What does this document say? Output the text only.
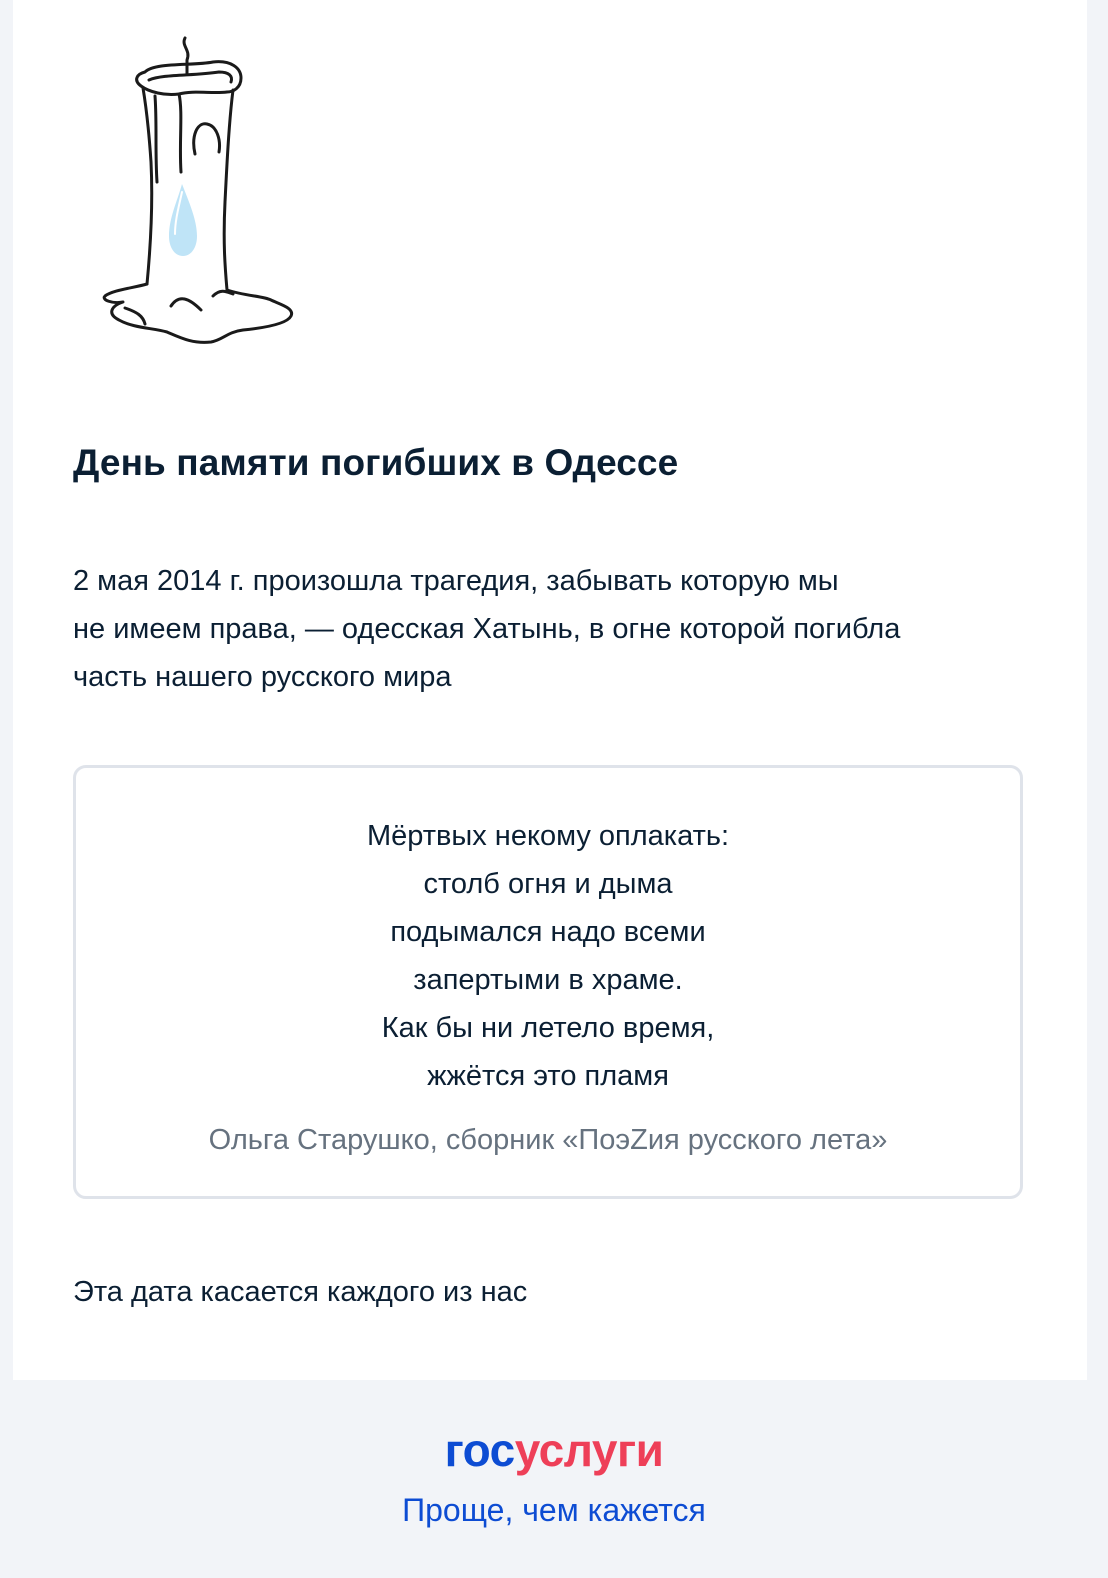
День памяти погибших в Одессе
2 мая 2014 г. произошла трагедия, забывать которую мы
не имеем права, — одесская Хатынь, в огне которой погибла
часть нашего русского мира
Мёртвых некому оплакать:
столб огня и дыма
подымался надо всеми
запертыми в храме.
Как бы ни летело время,
жжётся это пламя
Ольга Старушко, сборник «ПоэZия русского лета»
Эта дата касается каждого из нас
госуслуги
Проще, чем кажется
